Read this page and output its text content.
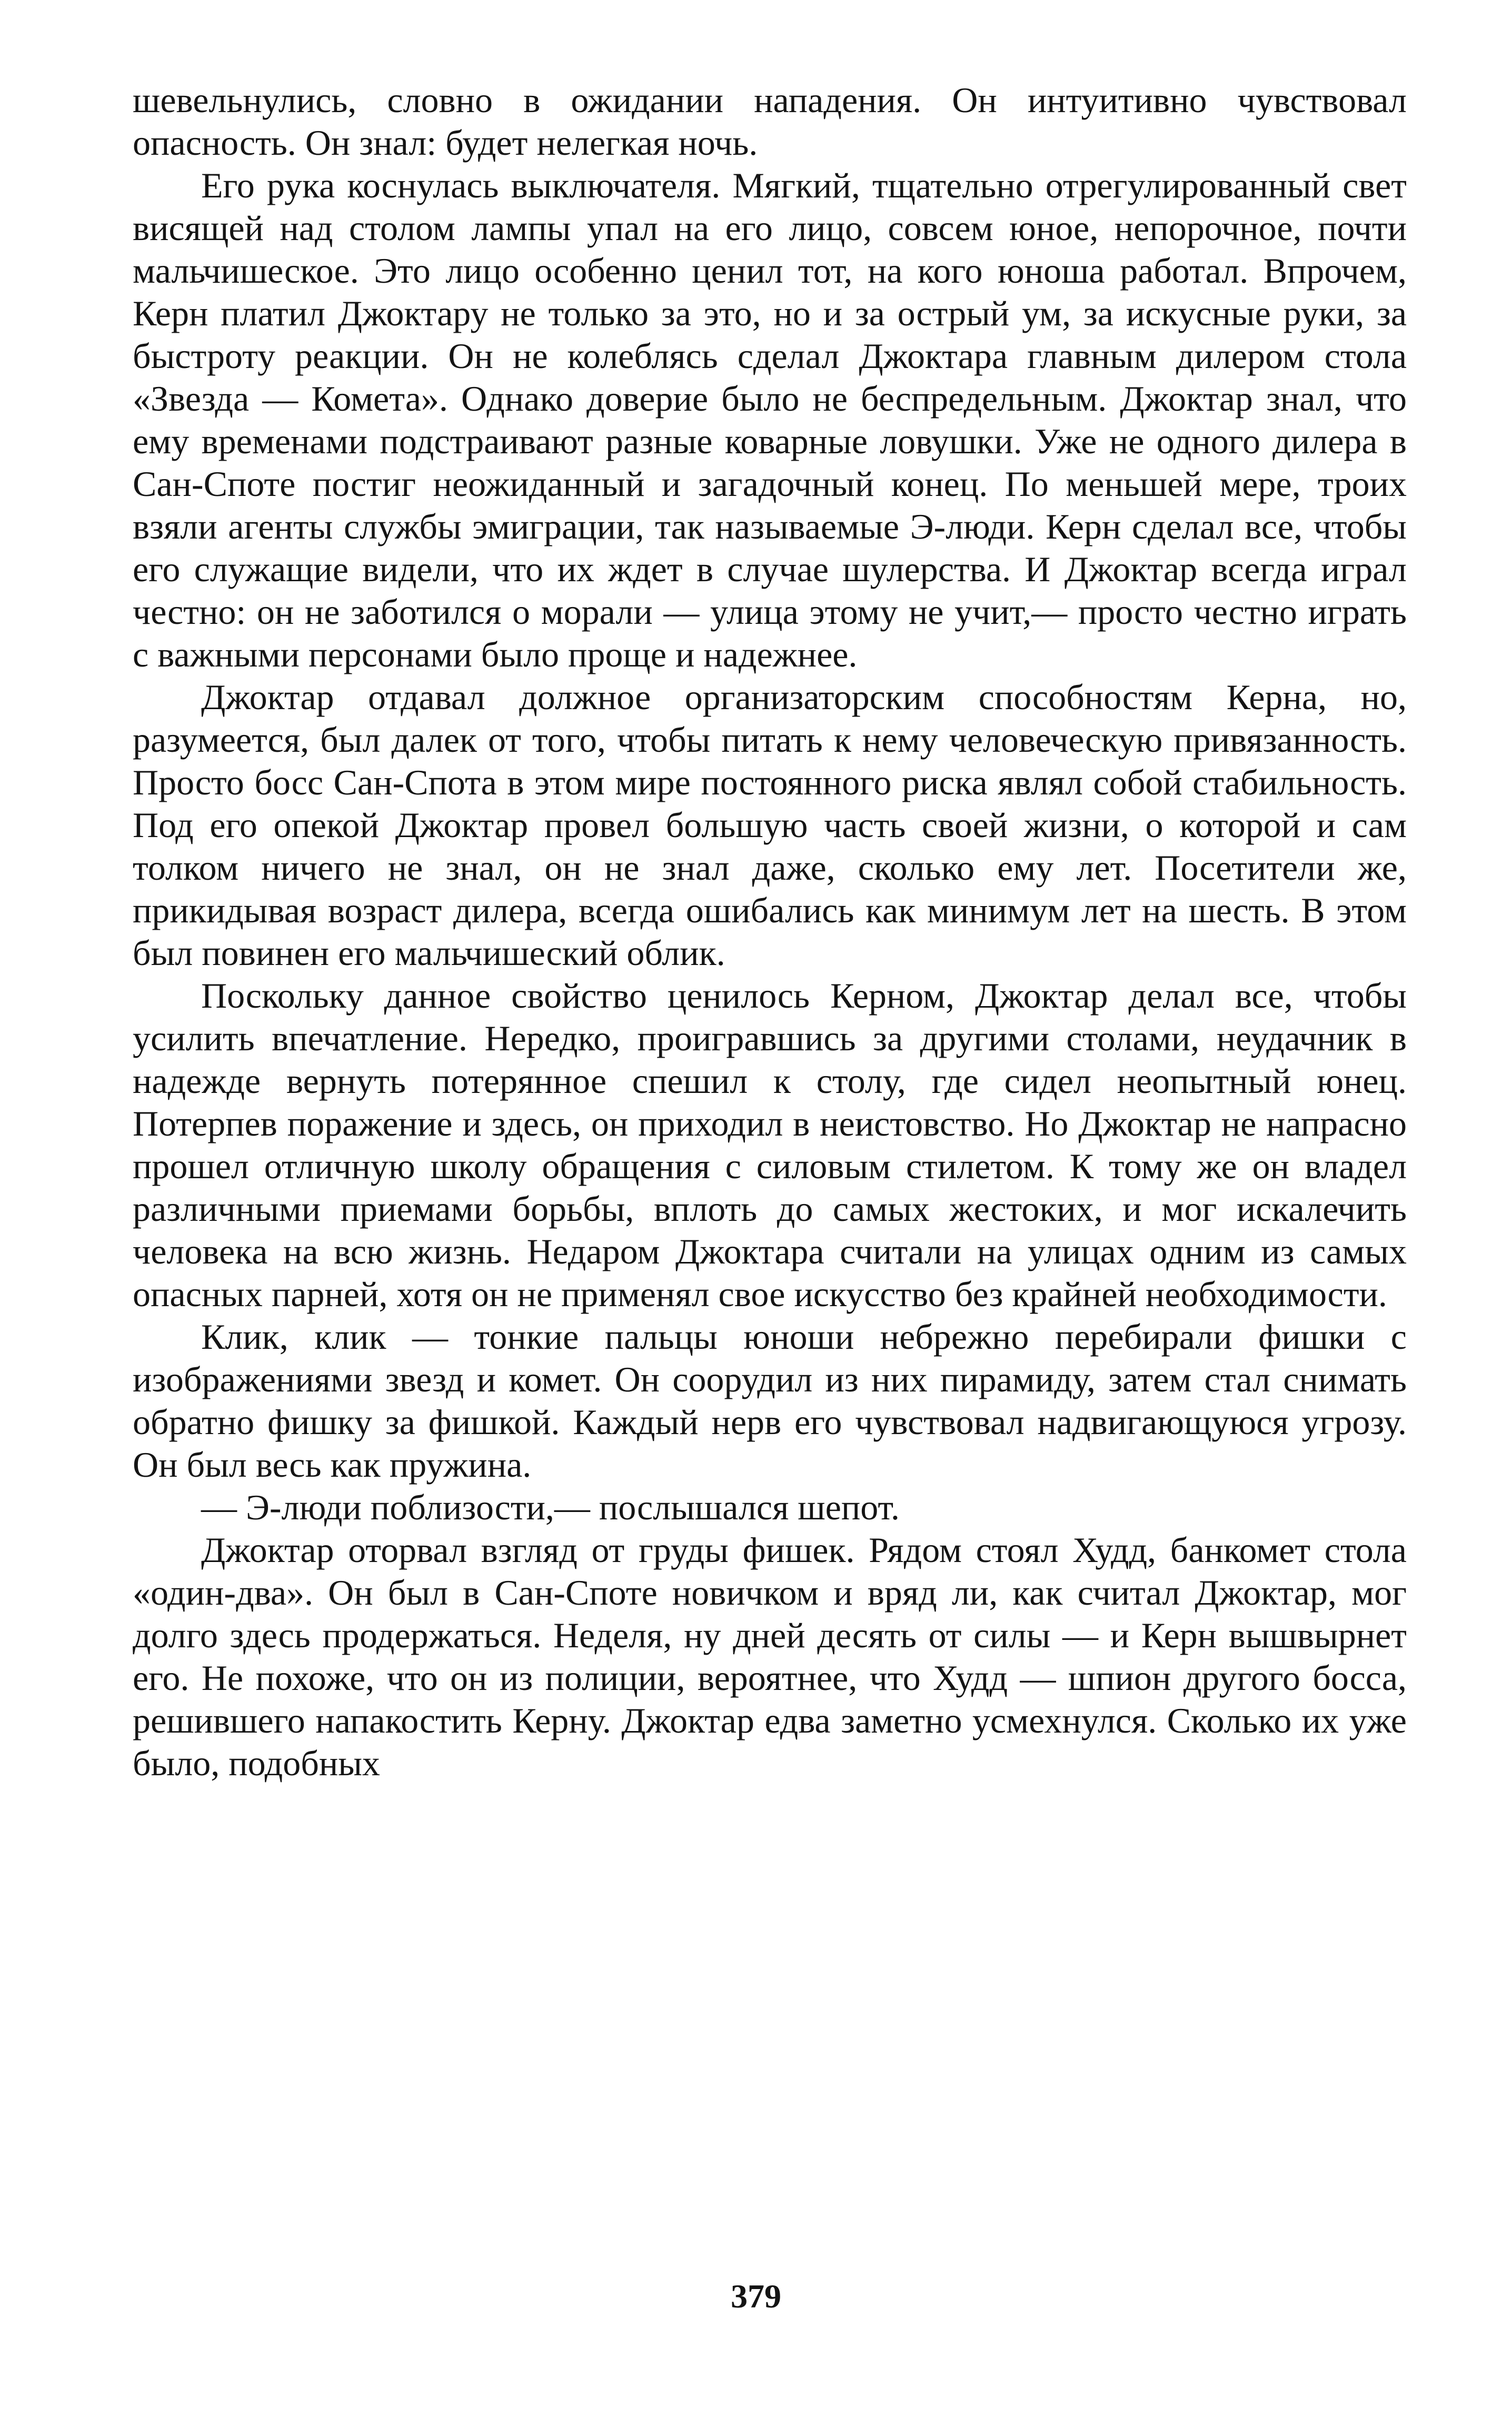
шевельнулись, словно в ожидании нападения. Он интуитивно чувствовал опасность. Он знал: будет нелегкая ночь.

Его рука коснулась выключателя. Мягкий, тщательно отрегулированный свет висящей над столом лампы упал на его лицо, совсем юное, непорочное, почти мальчишеское. Это лицо особенно ценил тот, на кого юноша работал. Впрочем, Керн платил Джоктару не только за это, но и за острый ум, за искусные руки, за быстроту реакции. Он не колеблясь сделал Джоктара главным дилером стола «Звезда — Комета». Однако доверие было не беспредельным. Джоктар знал, что ему временами подстраивают разные коварные ловушки. Уже не одного дилера в Сан-Споте постиг неожиданный и загадочный конец. По меньшей мере, троих взяли агенты службы эмиграции, так называемые Э-люди. Керн сделал все, чтобы его служащие видели, что их ждет в случае шулерства. И Джоктар всегда играл честно: он не заботился о морали — улица этому не учит,— просто честно играть с важными персонами было проще и надежнее.

Джоктар отдавал должное организаторским способностям Керна, но, разумеется, был далек от того, чтобы питать к нему человеческую привязанность. Просто босс Сан-Спота в этом мире постоянного риска являл собой стабильность. Под его опекой Джоктар провел большую часть своей жизни, о которой и сам толком ничего не знал, он не знал даже, сколько ему лет. Посетители же, прикидывая возраст дилера, всегда ошибались как минимум лет на шесть. В этом был повинен его мальчишеский облик.

Поскольку данное свойство ценилось Керном, Джоктар делал все, чтобы усилить впечатление. Нередко, проигравшись за другими столами, неудачник в надежде вернуть потерянное спешил к столу, где сидел неопытный юнец. Потерпев поражение и здесь, он приходил в неистовство. Но Джоктар не напрасно прошел отличную школу обращения с силовым стилетом. К тому же он владел различными приемами борьбы, вплоть до самых жестоких, и мог искалечить человека на всю жизнь. Недаром Джоктара считали на улицах одним из самых опасных парней, хотя он не применял свое искусство без крайней необходимости.

Клик, клик — тонкие пальцы юноши небрежно перебирали фишки с изображениями звезд и комет. Он соорудил из них пирамиду, затем стал снимать обратно фишку за фишкой. Каждый нерв его чувствовал надвигающуюся угрозу. Он был весь как пружина.

— Э-люди поблизости,— послышался шепот.

Джоктар оторвал взгляд от груды фишек. Рядом стоял Худд, банкомет стола «один-два». Он был в Сан-Споте новичком и вряд ли, как считал Джоктар, мог долго здесь продержаться. Неделя, ну дней десять от силы — и Керн вышвырнет его. Не похоже, что он из полиции, вероятнее, что Худд — шпион другого босса, решившего напакостить Керну. Джоктар едва заметно усмехнулся. Сколько их уже было, подобных

379
